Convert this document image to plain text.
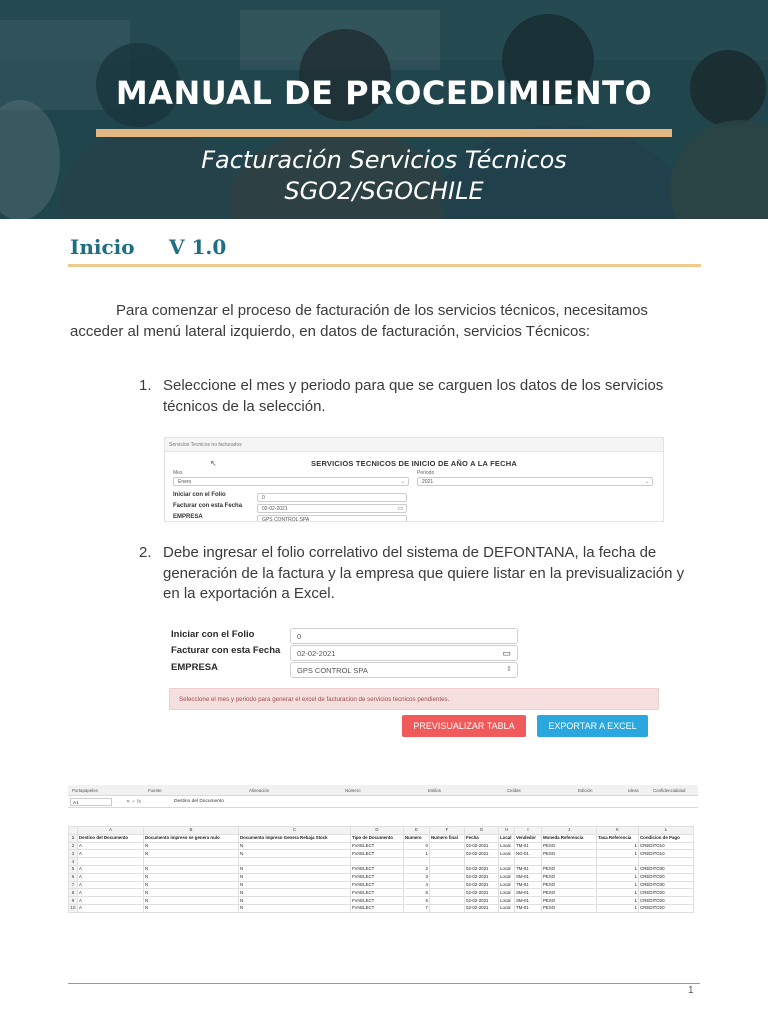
MANUAL DE PROCEDIMIENTO
Facturación Servicios Técnicos
SGO2/SGOCHILE
Inicio V 1.0

Para comenzar el proceso de facturación de los servicios técnicos, necesitamos acceder al menú lateral izquierdo, en datos de facturación, servicios Técnicos:

1. Seleccione el mes y periodo para que se carguen los datos de los servicios técnicos de la selección.
Servicios Tecnicos no facturados
↖	SERVICIOS TECNICOS DE INICIO DE AÑO A LA FECHA
Mes
Enero	⌄
Periodo
2021	⌄
Iniciar con el Folio	0
Facturar con esta Fecha	02-02-2021	▭
EMPRESA	GPS CONTROL SPA
2. Debe ingresar el folio correlativo del sistema de DEFONTANA, la fecha de generación de la factura y la empresa que quiere listar en la previsualización y en la exportación a Excel.
Iniciar con el Folio	0
Facturar con esta Fecha	02-02-2021	▭
EMPRESA	GPS CONTROL SPA	⇕
Seleccione el mes y periodo para generar el excel de facturacion de servicios tecnicos pendientes.
PREVISUALIZAR TABLA	EXPORTAR A EXCEL
Portapapeles	Fuente	Alineación	Número	Estilos	Celdas	Edición	Ideas	Confidencialidad
A1	✕ ✓ fx	Destino del Documento
	A	B	C	D	E	F	G	H	I	J	K	L
1	Destino del Documento	Documento impreso se genera nulo	Documento impreso Genera Rebaja Stock	Tipo de Documento	Numero	Numero final	Fecha	Local	Vendedor	Moneda Referencia	Tasa Referencia	Condicion de Pago
2	A	N	N	FVAELECT	0		02-02-2021	Local	TM-01	PESO	1	CREDITO10
3	A	N	N	FVAELECT	1		02-02-2021	Local	NG-01	PESO	1	CREDITO10
4												
5	A	N	N	FVAELECT	2		02-02-2021	Local	TM-01	PESO	1	CREDITO30
6	A	N	N	FVAELECT	3		02-02-2021	Local	SM-01	PESO	1	CREDITO20
7	A	N	N	FVAELECT	4		02-02-2021	Local	TM-01	PESO	1	CREDITO30
8	A	N	N	FVAELECT	5		02-02-2021	Local	SM-01	PESO	1	CREDITO20
9	A	N	N	FVAELECT	6		02-02-2021	Local	SM-01	PESO	1	CREDITO20
10	A	N	N	FVAELECT	7		02-02-2021	Local	TM-01	PESO	1	CREDITO20
1
